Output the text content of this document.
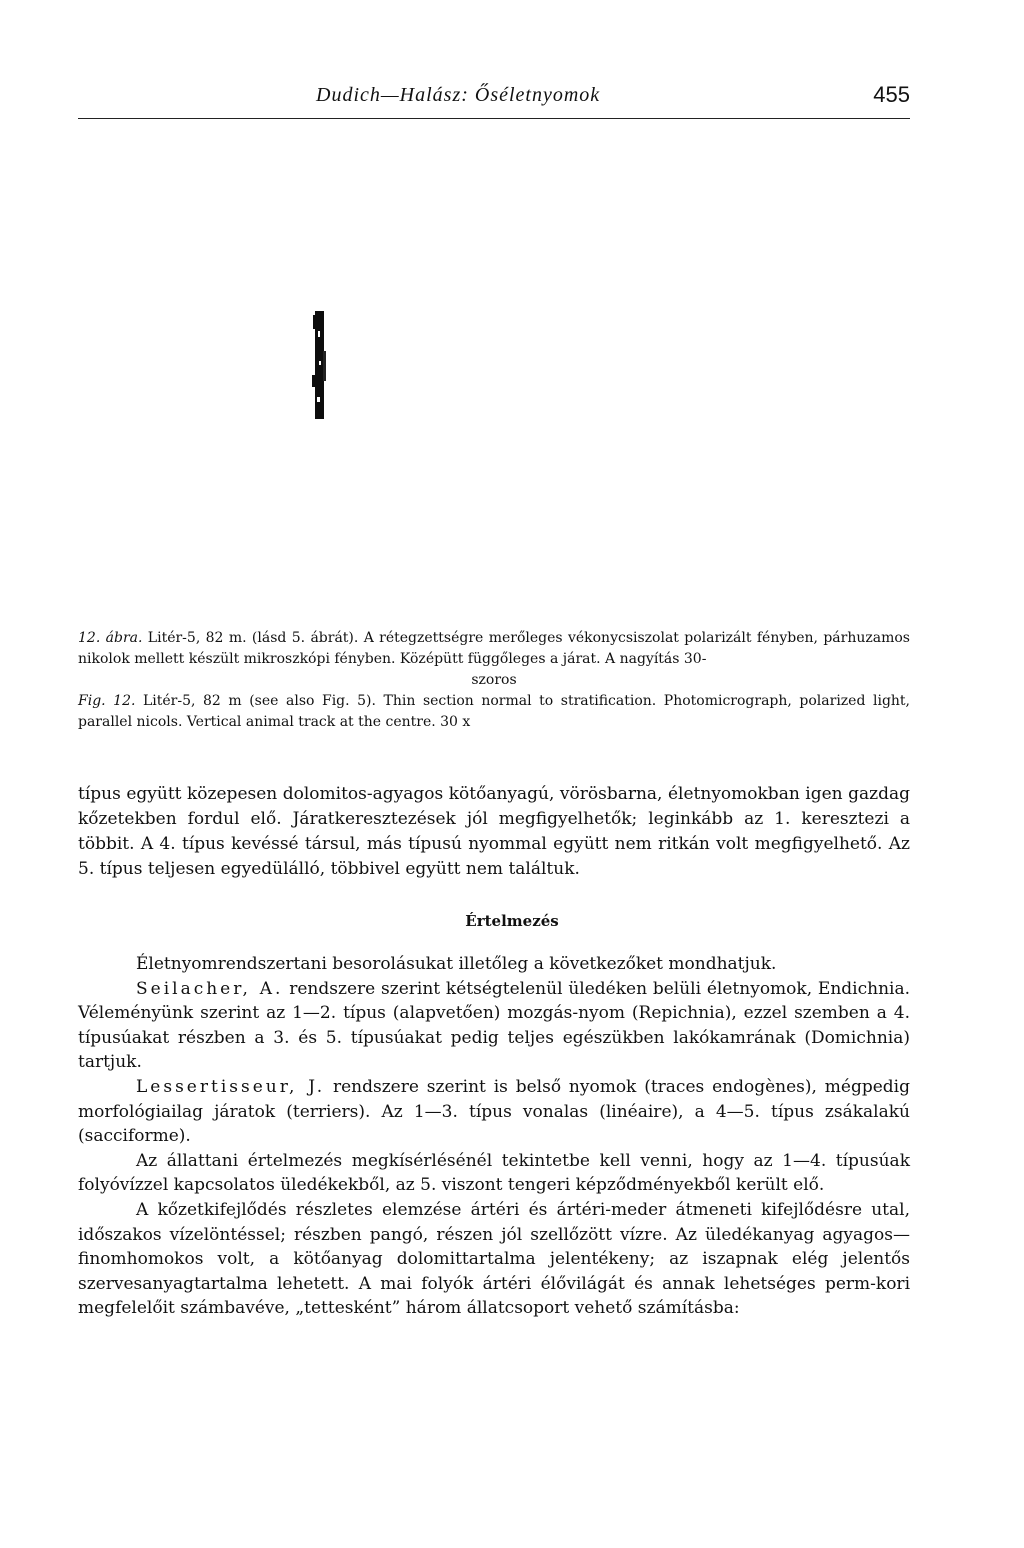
Dudich—Halász: Őséletnyomok	455

12. ábra. Litér-5, 82 m. (lásd 5. ábrát). A rétegzettségre merőleges vékonycsiszolat polarizált fényben, párhuzamos nikolok mellett készült mikroszkópi fényben. Középütt függőleges a járat. A nagyítás 30-

szoros

Fig. 12. Litér-5, 82 m (see also Fig. 5). Thin section normal to stratification. Photomicrograph, polarized light, parallel nicols. Vertical animal track at the centre. 30 x

típus együtt közepesen dolomitos-agyagos kötőanyagú, vörösbarna, életnyomokban igen gazdag kőzetekben fordul elő. Járatkeresztezések jól megfigyelhetők; leginkább az 1. keresztezi a többit. A 4. típus kevéssé társul, más típusú nyommal együtt nem ritkán volt megfigyelhető. Az 5. típus teljesen egyedülálló, többivel együtt nem találtuk.

Értelmezés

Életnyomrendszertani besorolásukat illetőleg a következőket mondhatjuk.

Seilacher, A. rendszere szerint kétségtelenül üledéken belüli életnyomok, Endichnia. Véleményünk szerint az 1—2. típus (alapvetően) mozgás-nyom (Repichnia), ezzel szemben a 4. típusúakat részben a 3. és 5. típusúakat pedig teljes egészükben lakókamrának (Domichnia) tartjuk.

Lessertisseur, J. rendszere szerint is belső nyomok (traces endogènes), mégpedig morfológiailag járatok (terriers). Az 1—3. típus vonalas (linéaire), a 4—5. típus zsákalakú (sacciforme).

Az állattani értelmezés megkísérlésénél tekintetbe kell venni, hogy az 1—4. típusúak folyóvízzel kapcsolatos üledékekből, az 5. viszont tengeri képződményekből került elő.

A kőzetkifejlődés részletes elemzése ártéri és ártéri-meder átmeneti kifejlődésre utal, időszakos vízelöntéssel; részben pangó, részen jól szellőzött vízre. Az üledékanyag agyagos—finomhomokos volt, a kötőanyag dolomittartalma jelentékeny; az iszapnak elég jelentős szervesanyagtartalma lehetett. A mai folyók ártéri élővilágát és annak lehetséges perm-kori megfelelőit számbavéve, „tettesként” három állatcsoport vehető számításba:
